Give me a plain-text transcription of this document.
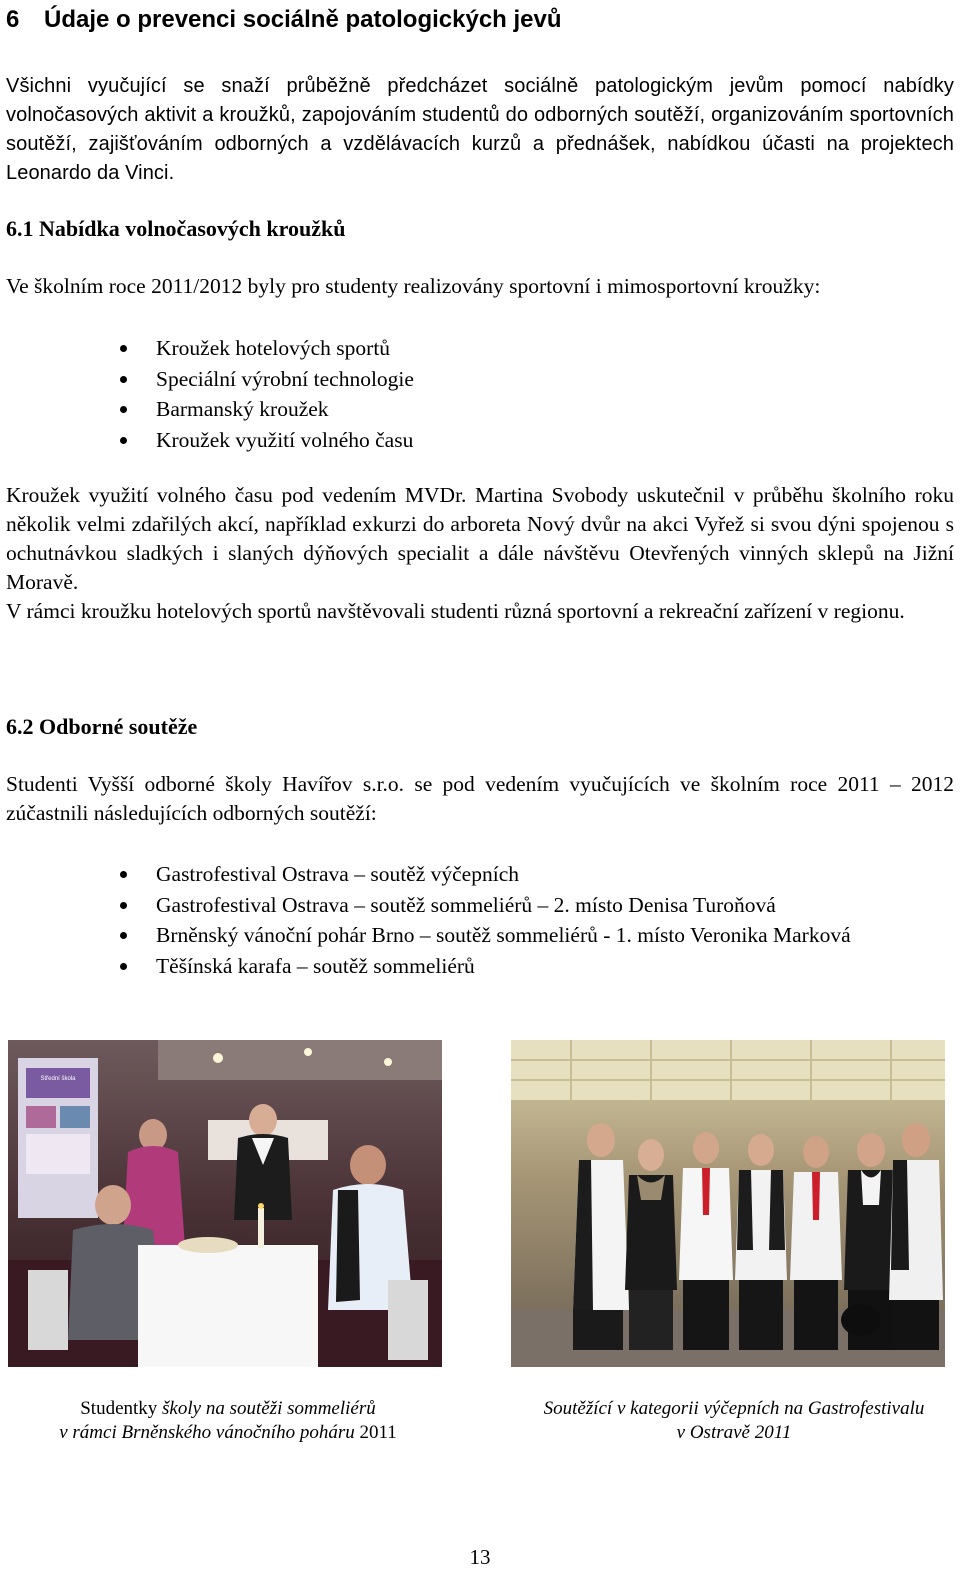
6 Údaje o prevenci sociálně patologických jevů

Všichni vyučující se snaží průběžně předcházet sociálně patologickým jevům pomocí nabídky volnočasových aktivit a kroužků, zapojováním studentů do odborných soutěží, organizováním sportovních soutěží, zajišťováním odborných a vzdělávacích kurzů a přednášek, nabídkou účasti na projektech Leonardo da Vinci.

6.1 Nabídka volnočasových kroužků

Ve školním roce 2011/2012 byly pro studenty realizovány sportovní i mimosportovní kroužky:

Kroužek hotelových sportů
Speciální výrobní technologie
Barmanský kroužek
Kroužek využití volného času

Kroužek využití volného času pod vedením MVDr. Martina Svobody uskutečnil v průběhu školního roku několik velmi zdařilých akcí, například exkurzi do arboreta Nový dvůr na akci Vyřež si svou dýni spojenou s ochutnávkou sladkých i slaných dýňových specialit a dále návštěvu Otevřených vinných sklepů na Jižní Moravě.

V rámci kroužku hotelových sportů navštěvovali studenti různá sportovní a rekreační zařízení v regionu.

6.2 Odborné soutěže

Studenti Vyšší odborné školy Havířov s.r.o. se pod vedením vyučujících ve školním roce 2011 – 2012 zúčastnili následujících odborných soutěží:

Gastrofestival Ostrava – soutěž výčepních
Gastrofestival Ostrava – soutěž sommeliérů – 2. místo Denisa Turoňová
Brněnský vánoční pohár Brno – soutěž sommeliérů - 1. místo Veronika Marková
Těšínská karafa – soutěž sommeliérů
Střední škola
Studentky školy na soutěži sommeliérů
v rámci Brněnského vánočního poháru 2011
Soutěžící v kategorii výčepních na Gastrofestivalu
v Ostravě 2011
13
